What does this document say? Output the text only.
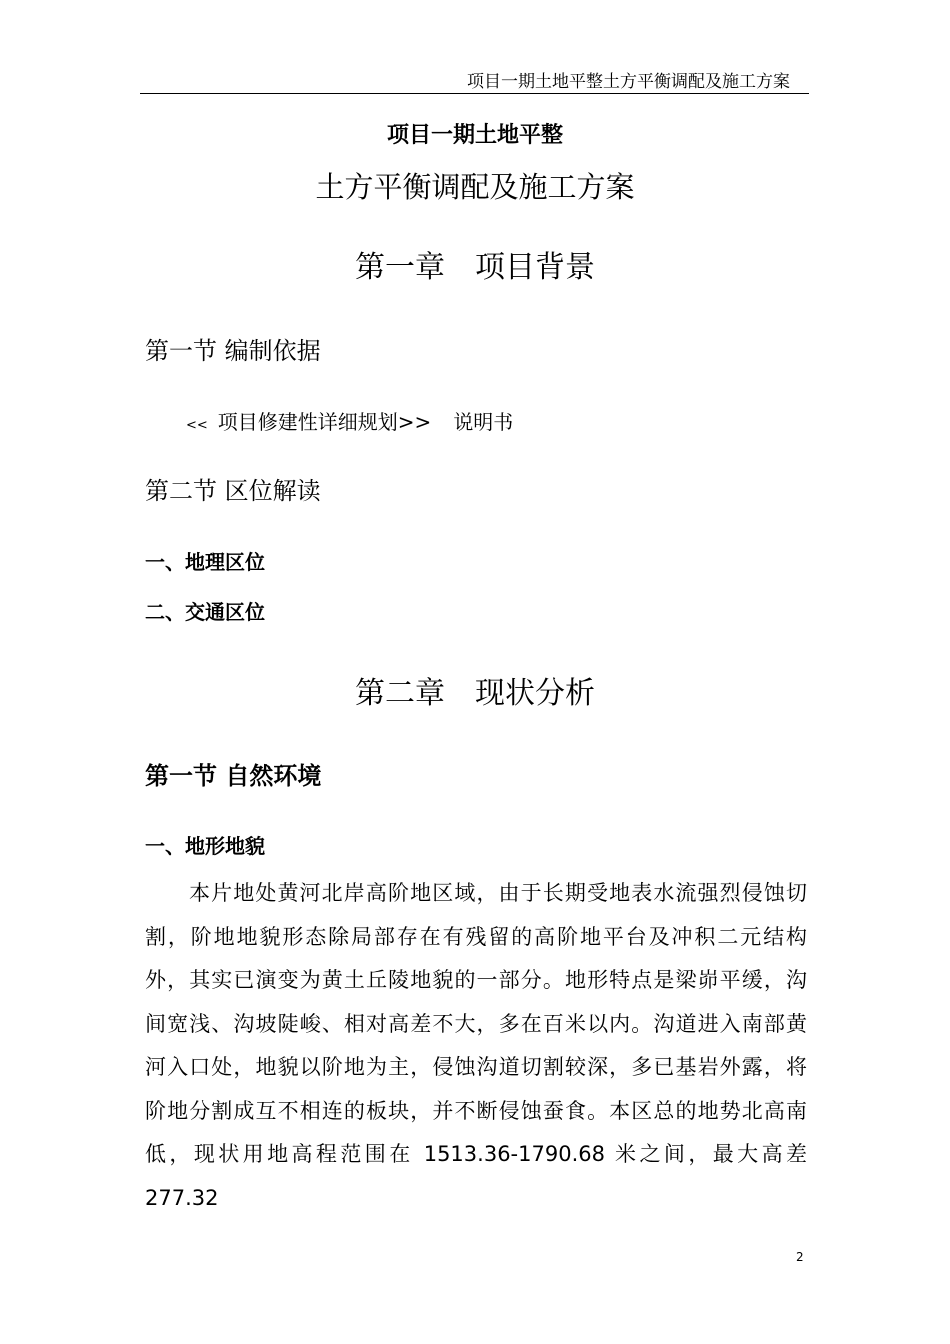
项目一期土地平整土方平衡调配及施工方案
项目一期土地平整
土方平衡调配及施工方案
第一章 项目背景
第一节 编制依据
<< 项目修建性详细规划>> 说明书
第二节 区位解读
一、地理区位
二、交通区位
第二章 现状分析
第一节 自然环境
一、地形地貌
本片地处黄河北岸高阶地区域，由于长期受地表水流强烈侵蚀切
割，阶地地貌形态除局部存在有残留的高阶地平台及冲积二元结构
外，其实已演变为黄土丘陵地貌的一部分。地形特点是梁峁平缓，沟
间宽浅、沟坡陡峻、相对高差不大，多在百米以内。沟道进入南部黄
河入口处，地貌以阶地为主，侵蚀沟道切割较深，多已基岩外露，将
阶地分割成互不相连的板块，并不断侵蚀蚕食。本区总的地势北高南
低，现状用地高程范围在 1513.36-1790.68 米之间，最大高差 277.32
2
